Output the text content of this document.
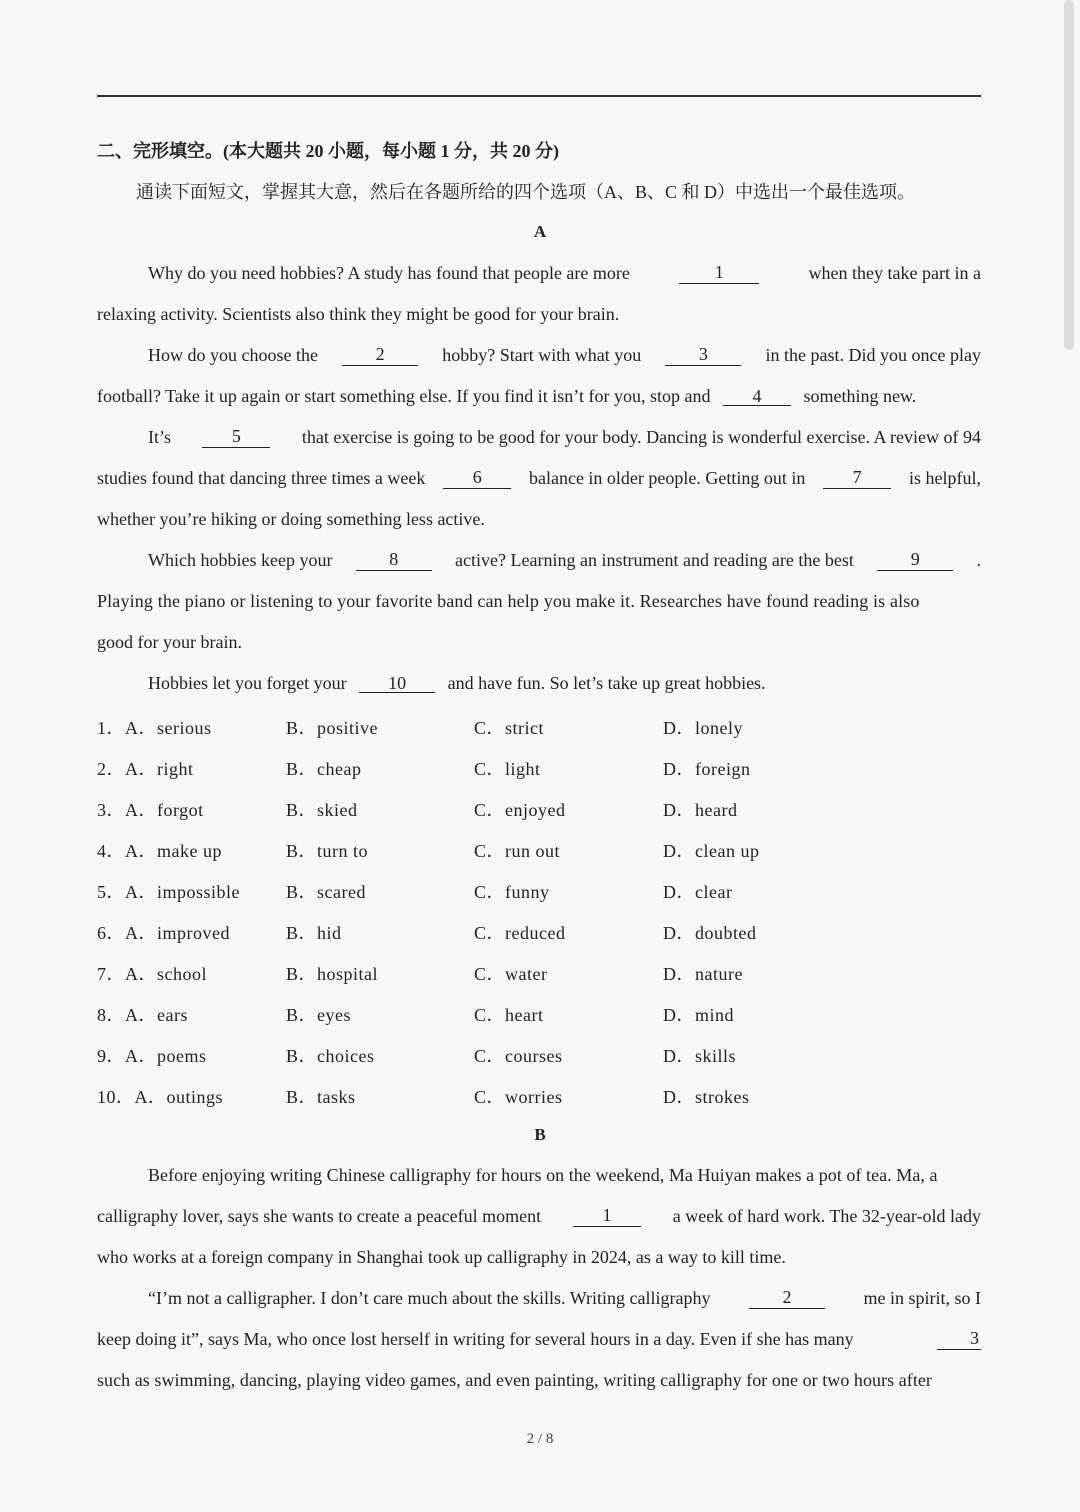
二、完形填空。(本大题共 20 小题，每小题 1 分，共 20 分)
通读下面短文，掌握其大意，然后在各题所给的四个选项（A、B、C 和 D）中选出一个最佳选项。
A
Why do you need hobbies? A study has found that people are more	1	when they take part in a
relaxing activity. Scientists also think they might be good for your brain.
How do you choose the	2	hobby? Start with what you	3	in the past. Did you once play
football? Take it up again or start something else. If you find it isn’t for you, stop and 4 something new.
It’s	5	that exercise is going to be good for your body. Dancing is wonderful exercise. A review of 94
studies found that dancing three times a week	6	balance in older people. Getting out in	7	is helpful,
whether you’re hiking or doing something less active.
Which hobbies keep your	8	active? Learning an instrument and reading are the best	9	.
Playing the piano or listening to your favorite band can help you make it. Researches have found reading is also
good for your brain.
Hobbies let you forget your 10 and have fun. So let’s take up great hobbies.
1．A．serious	B．positive	C．strict	D．lonely
2．A．right	B．cheap	C．light	D．foreign
3．A．forgot	B．skied	C．enjoyed	D．heard
4．A．make up	B．turn to	C．run out	D．clean up
5．A．impossible	B．scared	C．funny	D．clear
6．A．improved	B．hid	C．reduced	D．doubted
7．A．school	B．hospital	C．water	D．nature
8．A．ears	B．eyes	C．heart	D．mind
9．A．poems	B．choices	C．courses	D．skills
10．A．outings	B．tasks	C．worries	D．strokes
B
Before enjoying writing Chinese calligraphy for hours on the weekend, Ma Huiyan makes a pot of tea. Ma, a
calligraphy lover, says she wants to create a peaceful moment	1	a week of hard work. The 32-year-old lady
who works at a foreign company in Shanghai took up calligraphy in 2024, as a way to kill time.
“I’m not a calligrapher. I don’t care much about the skills. Writing calligraphy	2	me in spirit, so I
keep doing it”, says Ma, who once lost herself in writing for several hours in a day. Even if she has many	3
such as swimming, dancing, playing video games, and even painting, writing calligraphy for one or two hours after
2 / 8
